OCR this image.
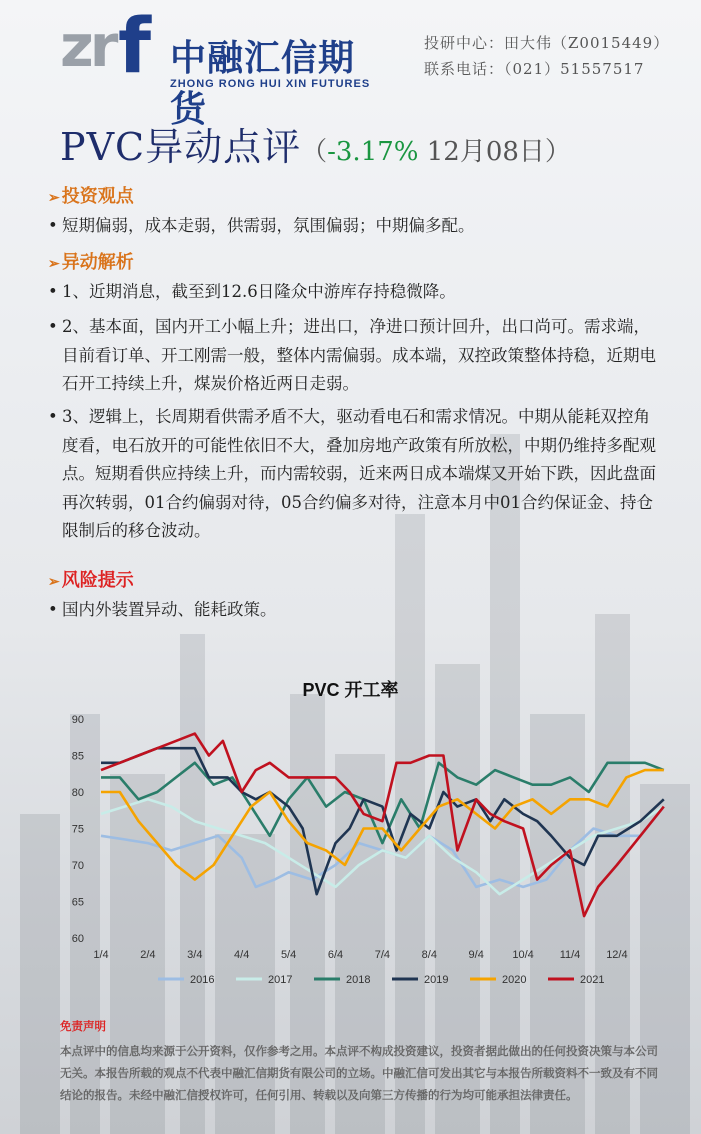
zr f 中融汇信期货
ZHONG RONG HUI XIN FUTURES
投研中心：田大伟（Z0015449）
联系电话：（021）51557517
PVC异动点评（-3.17% 12月08日）
➢ 投资观点
• 短期偏弱，成本走弱，供需弱，氛围偏弱；中期偏多配。
➢ 异动解析
• 1、近期消息，截至到12.6日隆众中游库存持稳微降。
• 2、基本面，国内开工小幅上升；进出口，净进口预计回升，出口尚可。需求端，目前看订单、开工刚需一般，整体内需偏弱。成本端，双控政策整体持稳，近期电石开工持续上升，煤炭价格近两日走弱。
• 3、逻辑上，长周期看供需矛盾不大，驱动看电石和需求情况。中期从能耗双控角度看，电石放开的可能性依旧不大，叠加房地产政策有所放松，中期仍维持多配观点。短期看供应持续上升，而内需较弱，近来两日成本端煤又开始下跌，因此盘面再次转弱，01合约偏弱对待，05合约偏多对待，注意本月中01合约保证金、持仓限制后的移仓波动。
➢ 风险提示
• 国内外装置异动、能耗政策。
PVC 开工率
60
65
70
75
80
85
90
1/4	2/4	3/4	4/4	5/4	6/4	7/4	8/4	9/4	10/4 11/4 12/4
2016	2017	2018	2019	2020	2021
免责声明
本点评中的信息均来源于公开资料，仅作参考之用。本点评不构成投资建议，投资者据此做出的任何投资决策与本公司无关。本报告所载的观点不代表中融汇信期货有限公司的立场。中融汇信可发出其它与本报告所载资料不一致及有不同结论的报告。未经中融汇信授权许可，任何引用、转载以及向第三方传播的行为均可能承担法律责任。
